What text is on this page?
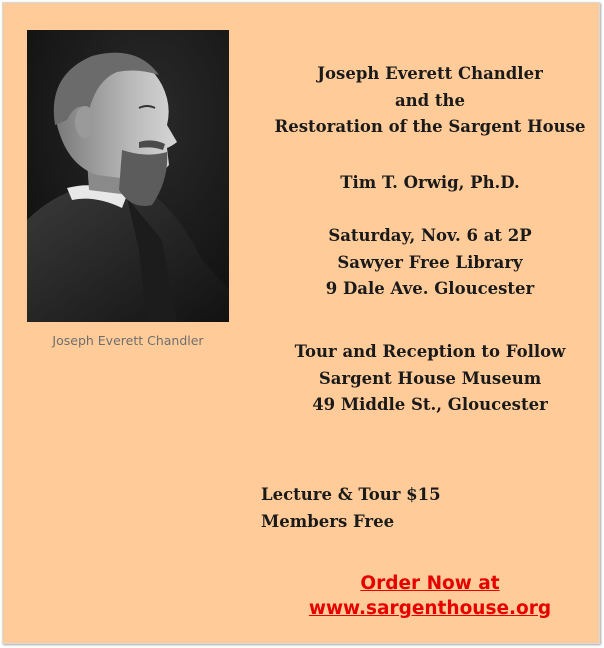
Joseph Everett Chandler
Joseph Everett Chandler
and the
Restoration of the Sargent House
Tim T. Orwig, Ph.D.
Saturday, Nov. 6 at 2P
Sawyer Free Library
9 Dale Ave. Gloucester
Tour and Reception to Follow
Sargent House Museum
49 Middle St., Gloucester
Lecture & Tour $15
Members Free
Order Now at
www.sargenthouse.org
